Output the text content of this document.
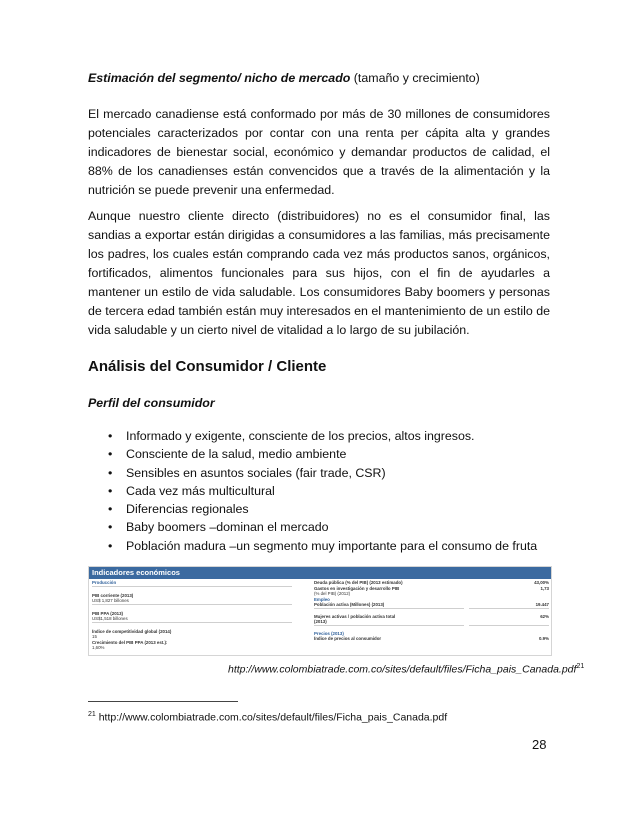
Estimación del segmento/ nicho de mercado (tamaño y crecimiento)
El mercado canadiense está conformado por más de 30 millones de consumidores potenciales caracterizados por contar con una renta per cápita alta y grandes indicadores de bienestar social, económico y demandar productos de calidad, el 88% de los canadienses están convencidos que a través de la alimentación y la nutrición se puede prevenir una enfermedad.
Aunque nuestro cliente directo (distribuidores) no es el consumidor final, las sandias a exportar están dirigidas a consumidores a las familias, más precisamente los padres, los cuales están comprando cada vez más productos sanos, orgánicos, fortificados, alimentos funcionales para sus hijos, con el fin de ayudarles a mantener un estilo de vida saludable. Los consumidores Baby boomers y personas de tercera edad también están muy interesados en el mantenimiento de un estilo de vida saludable y un cierto nivel de vitalidad a lo largo de su jubilación.
Análisis del Consumidor / Cliente
Perfil del consumidor
• Informado y exigente, consciente de los precios, altos ingresos.
• Consciente de la salud, medio ambiente
• Sensibles en asuntos sociales (fair trade, CSR)
• Cada vez más multicultural
• Diferencias regionales
• Baby boomers –dominan el mercado
• Población madura –un segmento muy importante para el consumo de fruta
Indicadores económicos
Producción
PIB corriente (2013)
US$ 1,827 billones
PIB PPA (2013)
US$1,518 billones
Índice de competitividad global (2014)
15
Crecimiento del PIB PPA (2013 est.):
1,60%
Deuda pública (% del PIB) (2013 estimado)
Gastos en investigación y desarrollo PIB
(% del PIB) (2012)
Empleo
Población activa (Millones) (2013)
Mujeres activas / población activa total
(2013)
Precios (2013)
Índice de precios al consumidor
43,00%
1,73

19.447
62%

0.9%
http://www.colombiatrade.com.co/sites/default/files/Ficha_pais_Canada.pdf$^{21}$
$^{21}$ http://www.colombiatrade.com.co/sites/default/files/Ficha_pais_Canada.pdf
28
